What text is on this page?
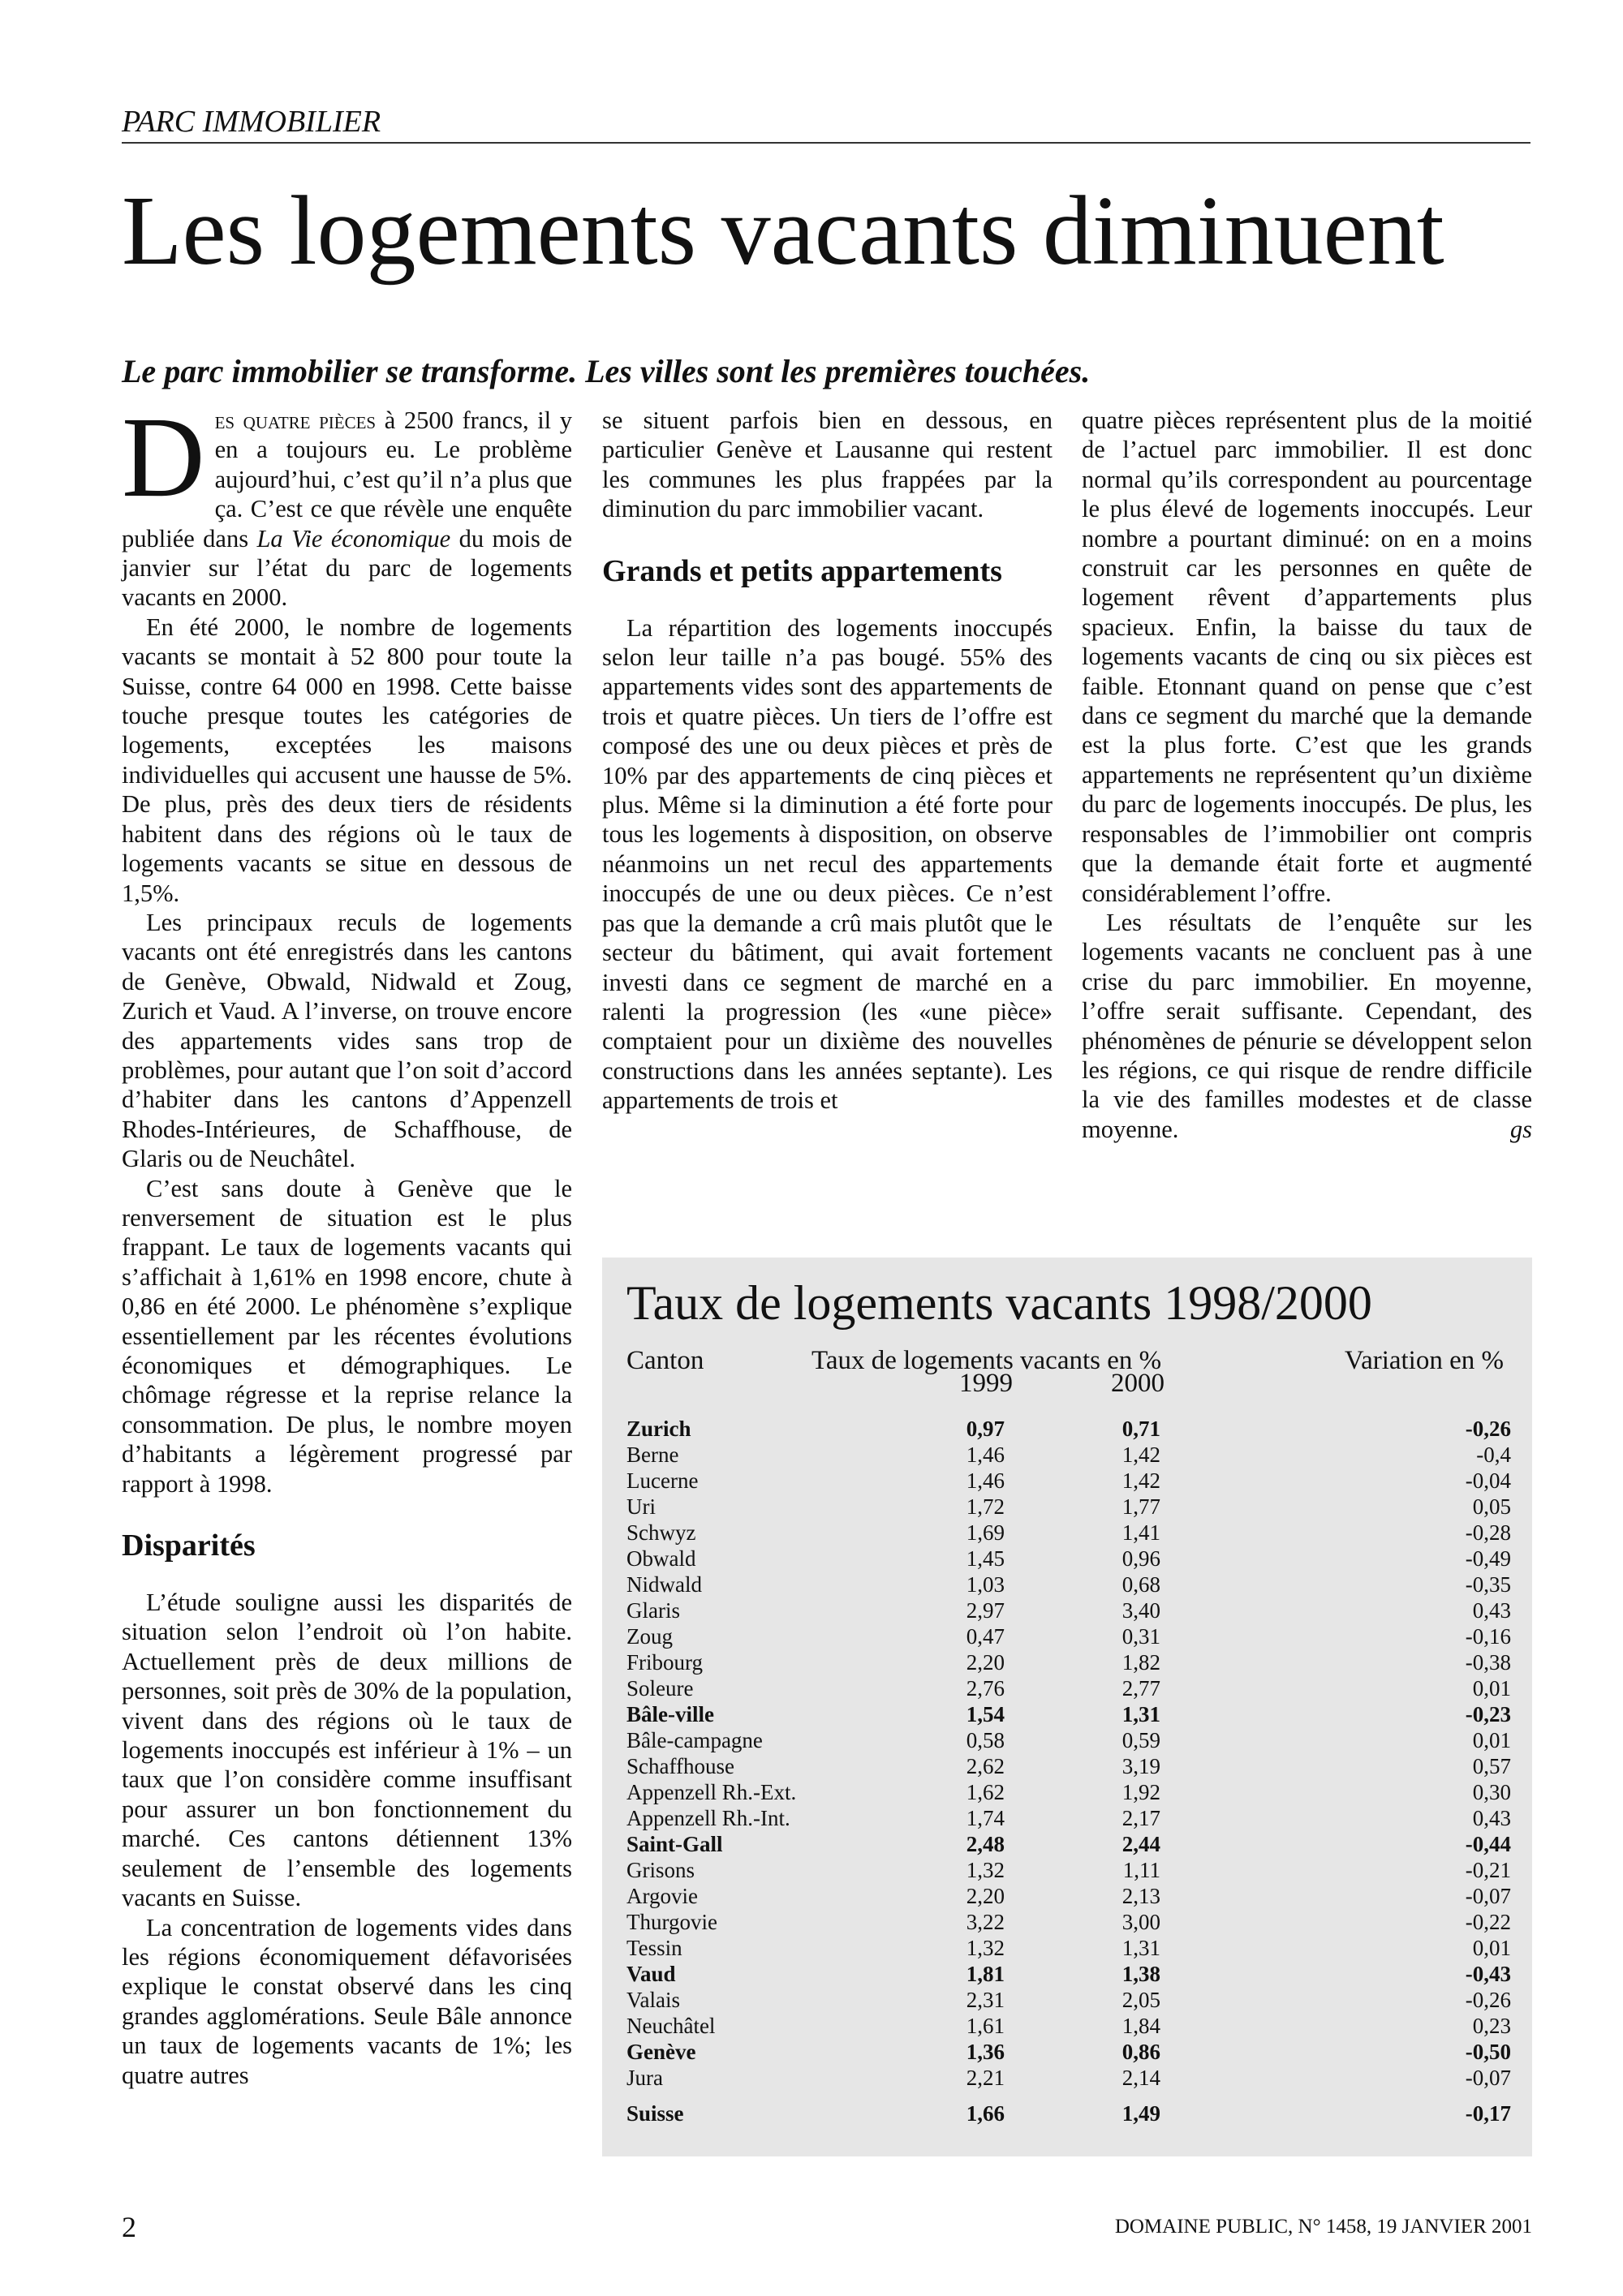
PARC IMMOBILIER
Les logements vacants diminuent

Le parc immobilier se transforme. Les villes sont les premières touchées.

Des quatre pièces à 2500 francs, il y en a toujours eu. Le problème aujourd’hui, c’est qu’il n’a plus que ça. C’est ce que révèle une enquête publiée dans La Vie économique du mois de janvier sur l’état du parc de logements vacants en 2000.

En été 2000, le nombre de logements vacants se montait à 52 800 pour toute la Suisse, contre 64 000 en 1998. Cette baisse touche presque toutes les catégories de logements, exceptées les maisons individuelles qui accusent une hausse de 5%. De plus, près des deux tiers de résidents habitent dans des régions où le taux de logements vacants se situe en dessous de 1,5%.

Les principaux reculs de logements vacants ont été enregistrés dans les cantons de Genève, Obwald, Nidwald et Zoug, Zurich et Vaud. A l’inverse, on trouve encore des appartements vides sans trop de problèmes, pour autant que l’on soit d’accord d’habiter dans les cantons d’Appenzell Rhodes-Intérieures, de Schaffhouse, de Glaris ou de Neuchâtel.

C’est sans doute à Genève que le renversement de situation est le plus frappant. Le taux de logements vacants qui s’affichait à 1,61% en 1998 encore, chute à 0,86 en été 2000. Le phénomène s’explique essentiellement par les récentes évolutions économiques et démographiques. Le chômage régresse et la reprise relance la consommation. De plus, le nombre moyen d’habitants a légèrement progressé par rapport à 1998.

Disparités

L’étude souligne aussi les disparités de situation selon l’endroit où l’on habite. Actuellement près de deux millions de personnes, soit près de 30% de la population, vivent dans des régions où le taux de logements inoccupés est inférieur à 1% – un taux que l’on considère comme insuffisant pour assurer un bon fonctionnement du marché. Ces cantons détiennent 13% seulement de l’ensemble des logements vacants en Suisse.

La concentration de logements vides dans les régions économiquement défavorisées explique le constat observé dans les cinq grandes agglomérations. Seule Bâle annonce un taux de logements vacants de 1%; les quatre autres

se situent parfois bien en dessous, en particulier Genève et Lausanne qui restent les communes les plus frappées par la diminution du parc immobilier vacant.

Grands et petits appartements

La répartition des logements inoccupés selon leur taille n’a pas bougé. 55% des appartements vides sont des appartements de trois et quatre pièces. Un tiers de l’offre est composé des une ou deux pièces et près de 10% par des appartements de cinq pièces et plus. Même si la diminution a été forte pour tous les logements à disposition, on observe néanmoins un net recul des appartements inoccupés de une ou deux pièces. Ce n’est pas que la demande a crû mais plutôt que le secteur du bâtiment, qui avait fortement investi dans ce segment de marché en a ralenti la progression (les «une pièce» comptaient pour un dixième des nouvelles constructions dans les années septante). Les appartements de trois et

quatre pièces représentent plus de la moitié de l’actuel parc immobilier. Il est donc normal qu’ils correspondent au pourcentage le plus élevé de logements inoccupés. Leur nombre a pourtant diminué: on en a moins construit car les personnes en quête de logement rêvent d’appartements plus spacieux. Enfin, la baisse du taux de logements vacants de cinq ou six pièces est faible. Etonnant quand on pense que c’est dans ce segment du marché que la demande est la plus forte. C’est que les grands appartements ne représentent qu’un dixième du parc de logements inoccupés. De plus, les responsables de l’immobilier ont compris que la demande était forte et augmenté considérablement l’offre.

Les résultats de l’enquête sur les logements vacants ne concluent pas à une crise du parc immobilier. En moyenne, l’offre serait suffisante. Cependant, des phénomènes de pénurie se développent selon les régions, ce qui risque de rendre difficile la vie des familles modestes et de classe moyenne.	gs

Taux de logements vacants 1998/2000
Canton	Taux de logements vacants en %
1999	2000
Variation en %
Zurich	0,97	0,71	-0,26
Berne	1,46	1,42	-0,4
Lucerne	1,46	1,42	-0,04
Uri	1,72	1,77	0,05
Schwyz	1,69	1,41	-0,28
Obwald	1,45	0,96	-0,49
Nidwald	1,03	0,68	-0,35
Glaris	2,97	3,40	0,43
Zoug	0,47	0,31	-0,16
Fribourg	2,20	1,82	-0,38
Soleure	2,76	2,77	0,01
Bâle-ville	1,54	1,31	-0,23
Bâle-campagne	0,58	0,59	0,01
Schaffhouse	2,62	3,19	0,57
Appenzell Rh.-Ext.	1,62	1,92	0,30
Appenzell Rh.-Int.	1,74	2,17	0,43
Saint-Gall	2,48	2,44	-0,44
Grisons	1,32	1,11	-0,21
Argovie	2,20	2,13	-0,07
Thurgovie	3,22	3,00	-0,22
Tessin	1,32	1,31	0,01
Vaud	1,81	1,38	-0,43
Valais	2,31	2,05	-0,26
Neuchâtel	1,61	1,84	0,23
Genève	1,36	0,86	-0,50
Jura	2,21	2,14	-0,07
Suisse	1,66	1,49	-0,17
2	DOMAINE PUBLIC, N° 1458, 19 JANVIER 2001
